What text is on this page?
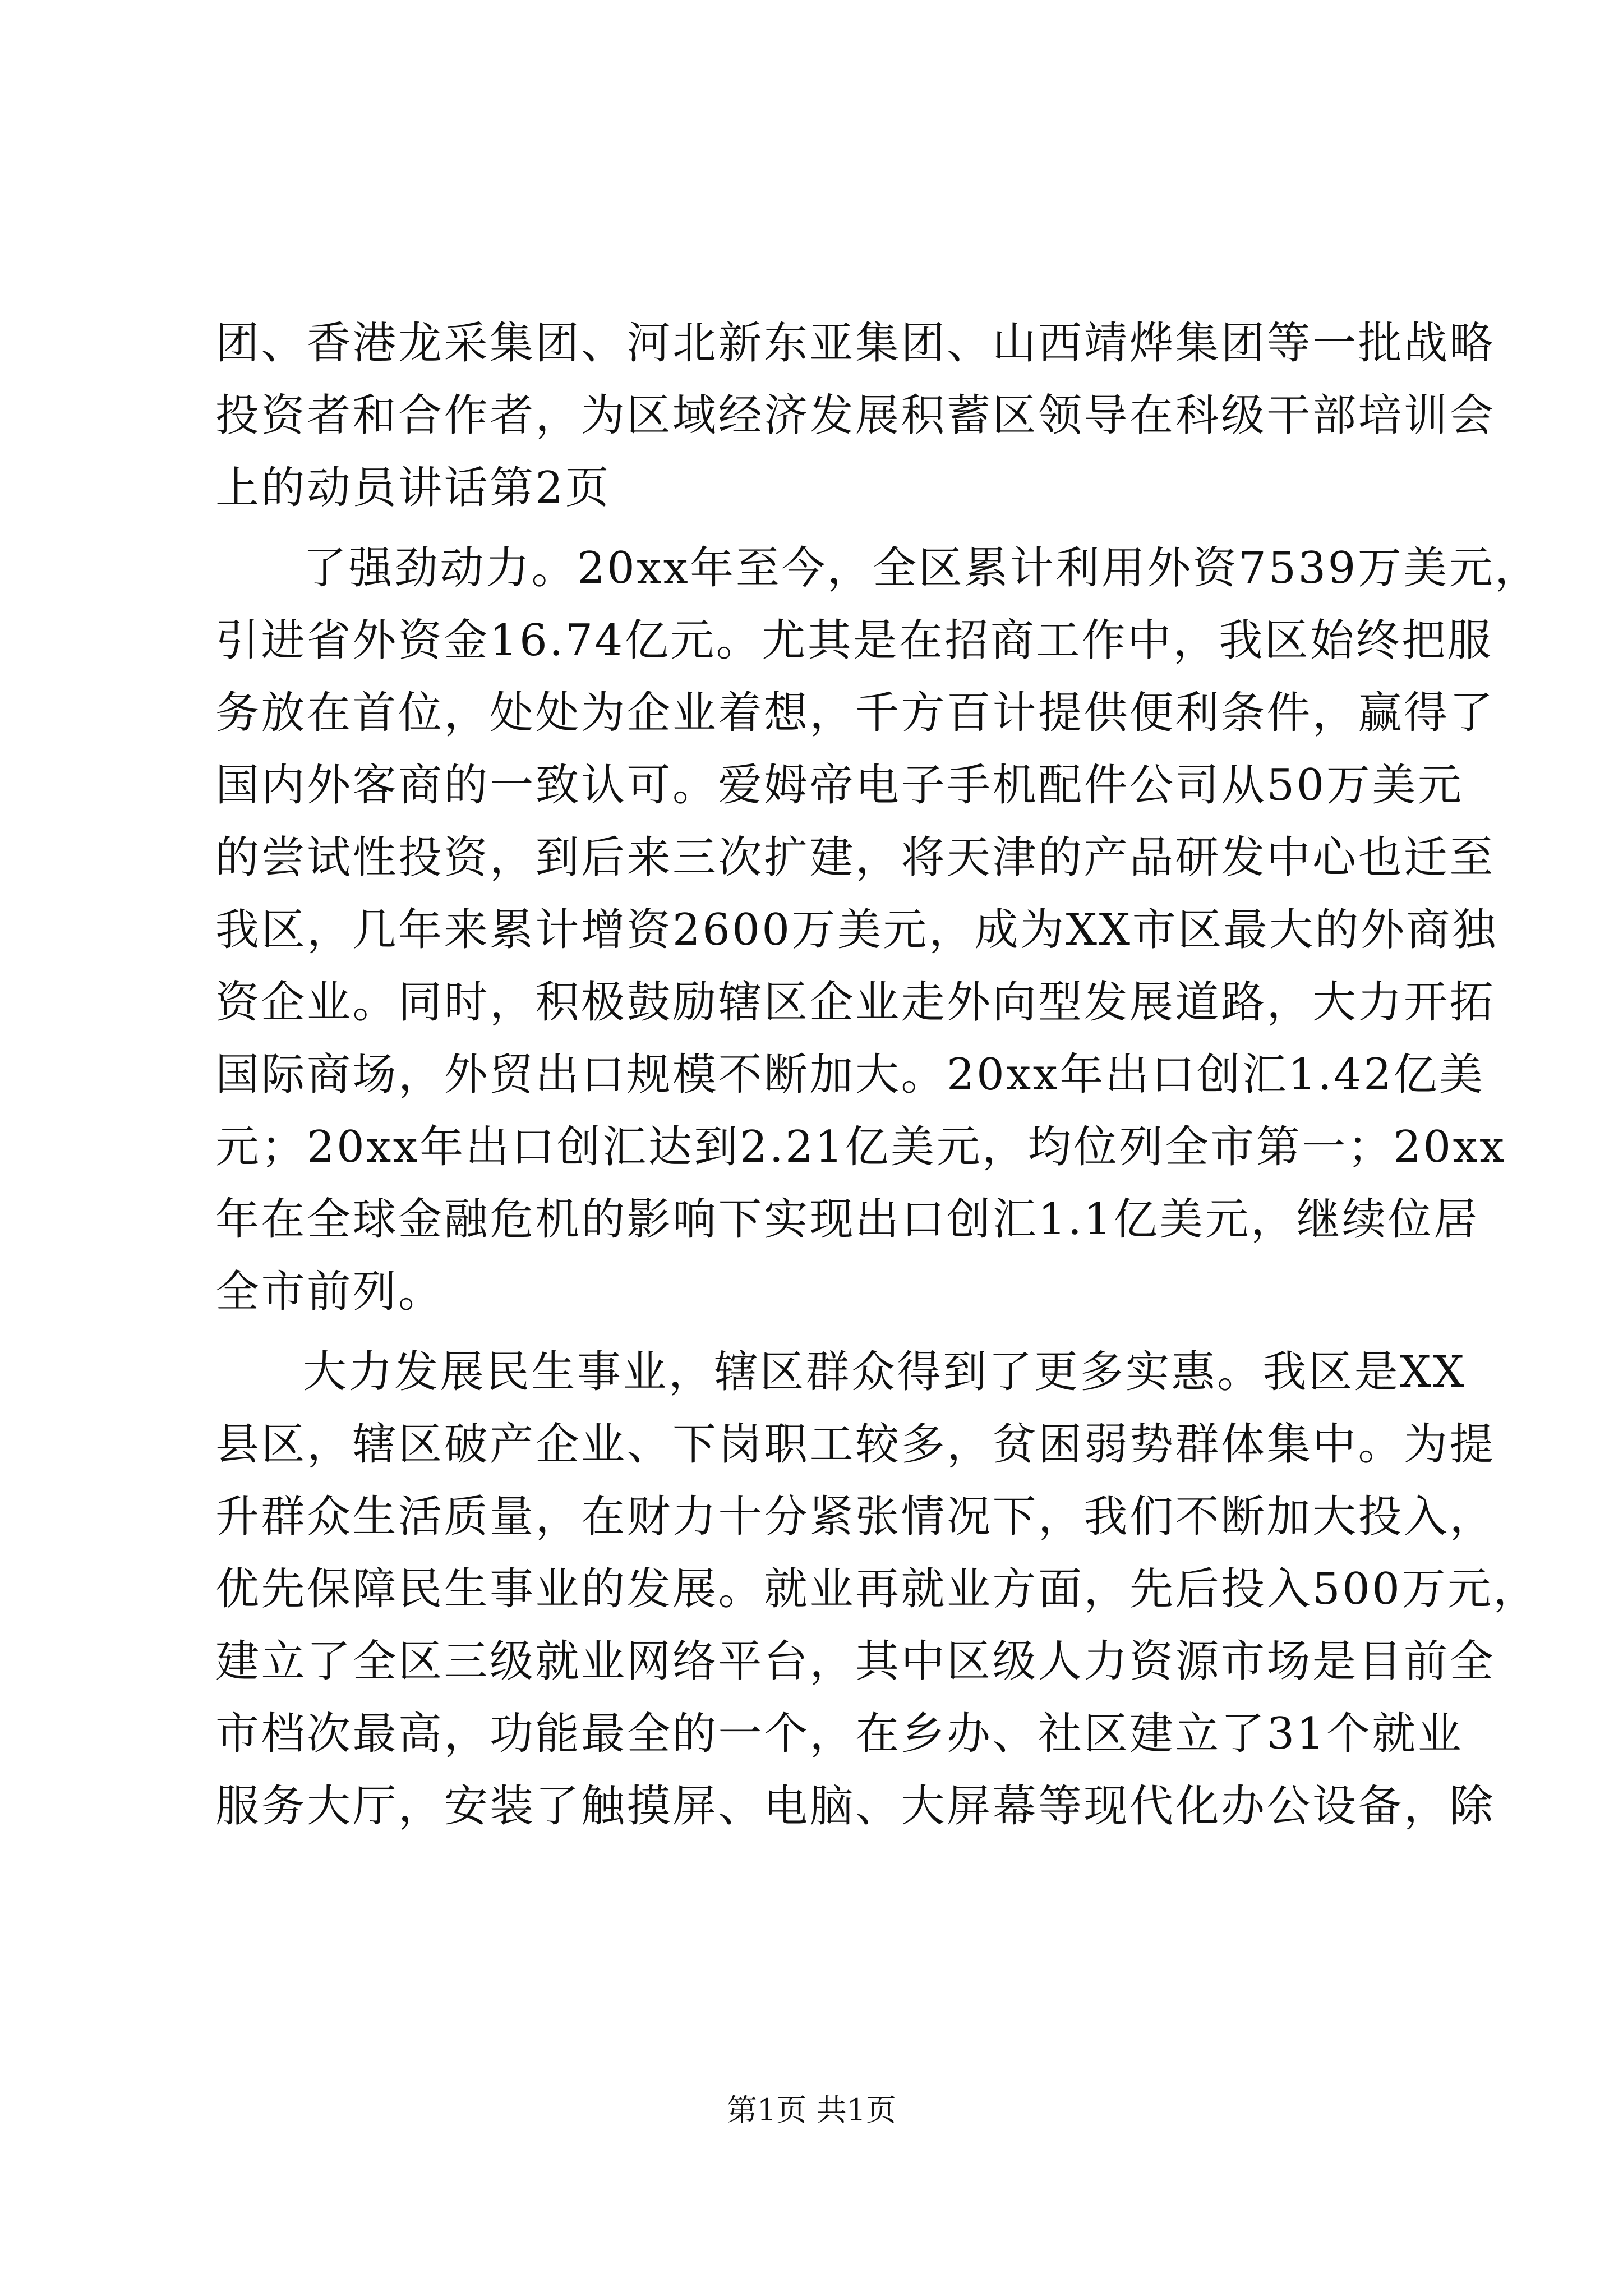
团、香港龙采集团、河北新东亚集团、山西靖烨集团等一批战略
投资者和合作者，为区域经济发展积蓄区领导在科级干部培训会
上的动员讲话第2页
了强劲动力。20xx年至今，全区累计利用外资7539万美元，
引进省外资金16.74亿元。尤其是在招商工作中，我区始终把服
务放在首位，处处为企业着想，千方百计提供便利条件，赢得了
国内外客商的一致认可。爱姆帝电子手机配件公司从50万美元
的尝试性投资，到后来三次扩建，将天津的产品研发中心也迁至
我区，几年来累计增资2600万美元，成为XX市区最大的外商独
资企业。同时，积极鼓励辖区企业走外向型发展道路，大力开拓
国际商场，外贸出口规模不断加大。20xx年出口创汇1.42亿美
元；20xx年出口创汇达到2.21亿美元，均位列全市第一；20xx
年在全球金融危机的影响下实现出口创汇1.1亿美元，继续位居
全市前列。
大力发展民生事业，辖区群众得到了更多实惠。我区是XX
县区，辖区破产企业、下岗职工较多，贫困弱势群体集中。为提
升群众生活质量，在财力十分紧张情况下，我们不断加大投入，
优先保障民生事业的发展。就业再就业方面，先后投入500万元，
建立了全区三级就业网络平台，其中区级人力资源市场是目前全
市档次最高，功能最全的一个，在乡办、社区建立了31个就业
服务大厅，安装了触摸屏、电脑、大屏幕等现代化办公设备，除
第1页 共1页
